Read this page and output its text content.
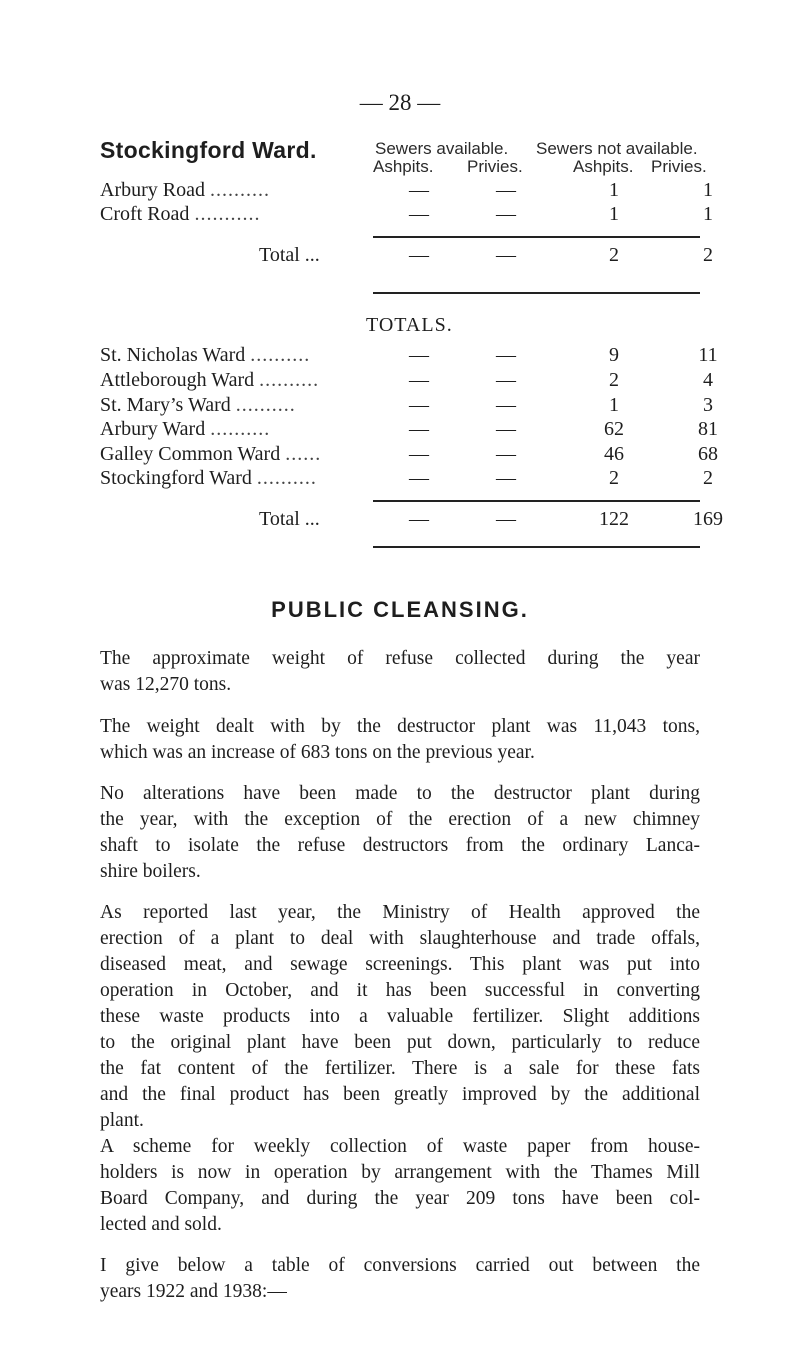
— 28 —
Stockingford Ward.	Sewers available. Sewers not available.
Ashpits. Privies.	Ashpits. Privies.
Arbury Road ..........	—	—	1	1
Croft Road ...........	—	—	1	1
Total ...	—	—	2	2
TOTALS.
St. Nicholas Ward ..........	—	—	9	11
Attleborough Ward ..........	—	—	2	4
St. Mary’s Ward ..........	—	—	1	3
Arbury Ward ..........	—	—	62	81
Galley Common Ward ......	—	—	46	68
Stockingford Ward ..........	—	—	2	2
Total ...	—	—	122	169
PUBLIC CLEANSING.
The approximate weight of refuse collected during the year
was 12,270 tons.
The weight dealt with by the destructor plant was 11,043 tons,
which was an increase of 683 tons on the previous year.
No alterations have been made to the destructor plant during
the year, with the exception of the erection of a new chimney
shaft to isolate the refuse destructors from the ordinary Lanca-
shire boilers.
As reported last year, the Ministry of Health approved the
erection of a plant to deal with slaughterhouse and trade offals,
diseased meat, and sewage screenings. This plant was put into
operation in October, and it has been successful in converting
these waste products into a valuable fertilizer. Slight additions
to the original plant have been put down, particularly to reduce
the fat content of the fertilizer. There is a sale for these fats
and the final product has been greatly improved by the additional
plant.
A scheme for weekly collection of waste paper from house-
holders is now in operation by arrangement with the Thames Mill
Board Company, and during the year 209 tons have been col-
lected and sold.
I give below a table of conversions carried out between the
years 1922 and 1938:—
